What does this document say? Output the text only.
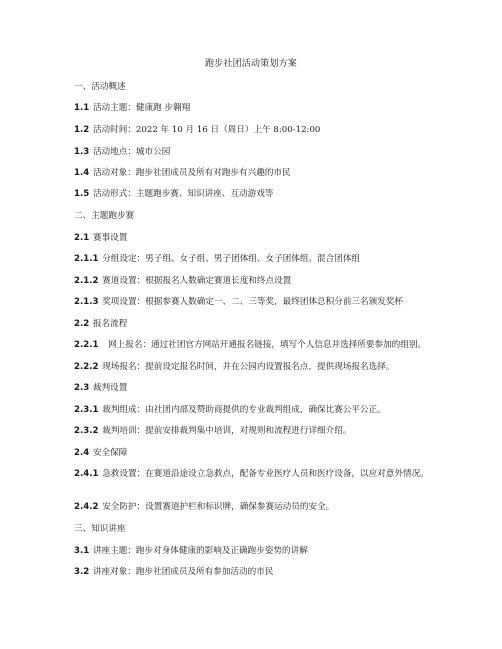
跑步社团活动策划方案
一、活动概述
1.1 活动主题：健康跑 步翱翔
1.2 活动时间：2022 年 10 月 16 日（周日）上午 8:00-12:00
1.3 活动地点：城市公园
1.4 活动对象：跑步社团成员及所有对跑步有兴趣的市民
1.5 活动形式：主题跑步赛、知识讲座、互动游戏等
二、主题跑步赛
2.1 赛事设置
2.1.1 分组设定：男子组、女子组、男子团体组、女子团体组、混合团体组
2.1.2 赛道设置：根据报名人数确定赛道长度和终点设置
2.1.3 奖项设置：根据参赛人数确定一、二、三等奖，最终团体总积分前三名颁发奖杯
2.2 报名流程
2.2.1　网上报名：通过社团官方网站开通报名链接，填写个人信息并选择所要参加的组别。
2.2.2 现场报名：提前设定报名时间，并在公园内设置报名点，提供现场报名选择。
2.3 裁判设置
2.3.1 裁判组成：由社团内部及赞助商提供的专业裁判组成，确保比赛公平公正。
2.3.2 裁判培训：提前安排裁判集中培训，对规则和流程进行详细介绍。
2.4 安全保障
2.4.1 急救设置：在赛道沿途设立急救点，配备专业医疗人员和医疗设备，以应对意外情况。
2.4.2 安全防护：设置赛道护栏和标识牌，确保参赛运动员的安全。
三、知识讲座
3.1 讲座主题：跑步对身体健康的影响及正确跑步姿势的讲解
3.2 讲座对象：跑步社团成员及所有参加活动的市民
